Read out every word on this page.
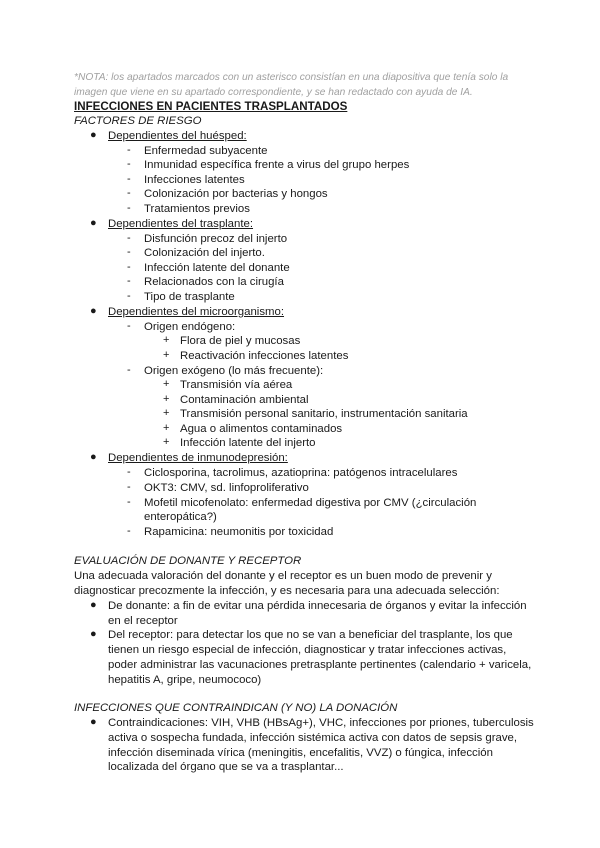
*NOTA: los apartados marcados con un asterisco consistían en una diapositiva que tenía solo la imagen que viene en su apartado correspondiente, y se han redactado con ayuda de IA.
INFECCIONES EN PACIENTES TRASPLANTADOS
FACTORES DE RIESGO
● Dependientes del huésped:
- Enfermedad subyacente
- Inmunidad específica frente a virus del grupo herpes
- Infecciones latentes
- Colonización por bacterias y hongos
- Tratamientos previos
● Dependientes del trasplante:
- Disfunción precoz del injerto
- Colonización del injerto.
- Infección latente del donante
- Relacionados con la cirugía
- Tipo de trasplante
● Dependientes del microorganismo:
- Origen endógeno:
+ Flora de piel y mucosas
+ Reactivación infecciones latentes
- Origen exógeno (lo más frecuente):
+ Transmisión vía aérea
+ Contaminación ambiental
+ Transmisión personal sanitario, instrumentación sanitaria
+ Agua o alimentos contaminados
+ Infección latente del injerto
● Dependientes de inmunodepresión:
- Ciclosporina, tacrolimus, azatioprina: patógenos intracelulares
- OKT3: CMV, sd. linfoproliferativo
- Mofetil micofenolato: enfermedad digestiva por CMV (¿circulación
enteropática?)
- Rapamicina: neumonitis por toxicidad
EVALUACIÓN DE DONANTE Y RECEPTOR
Una adecuada valoración del donante y el receptor es un buen modo de prevenir y
diagnosticar precozmente la infección, y es necesaria para una adecuada selección:
● De donante: a fin de evitar una pérdida innecesaria de órganos y evitar la infección
en el receptor
● Del receptor: para detectar los que no se van a beneficiar del trasplante, los que
tienen un riesgo especial de infección, diagnosticar y tratar infecciones activas,
poder administrar las vacunaciones pretrasplante pertinentes (calendario + varicela,
hepatitis A, gripe, neumococo)
INFECCIONES QUE CONTRAINDICAN (Y NO) LA DONACIÓN
● Contraindicaciones: VIH, VHB (HBsAg+), VHC, infecciones por priones, tuberculosis
activa o sospecha fundada, infección sistémica activa con datos de sepsis grave,
infección diseminada vírica (meningitis, encefalitis, VVZ) o fúngica, infección
localizada del órgano que se va a trasplantar...
